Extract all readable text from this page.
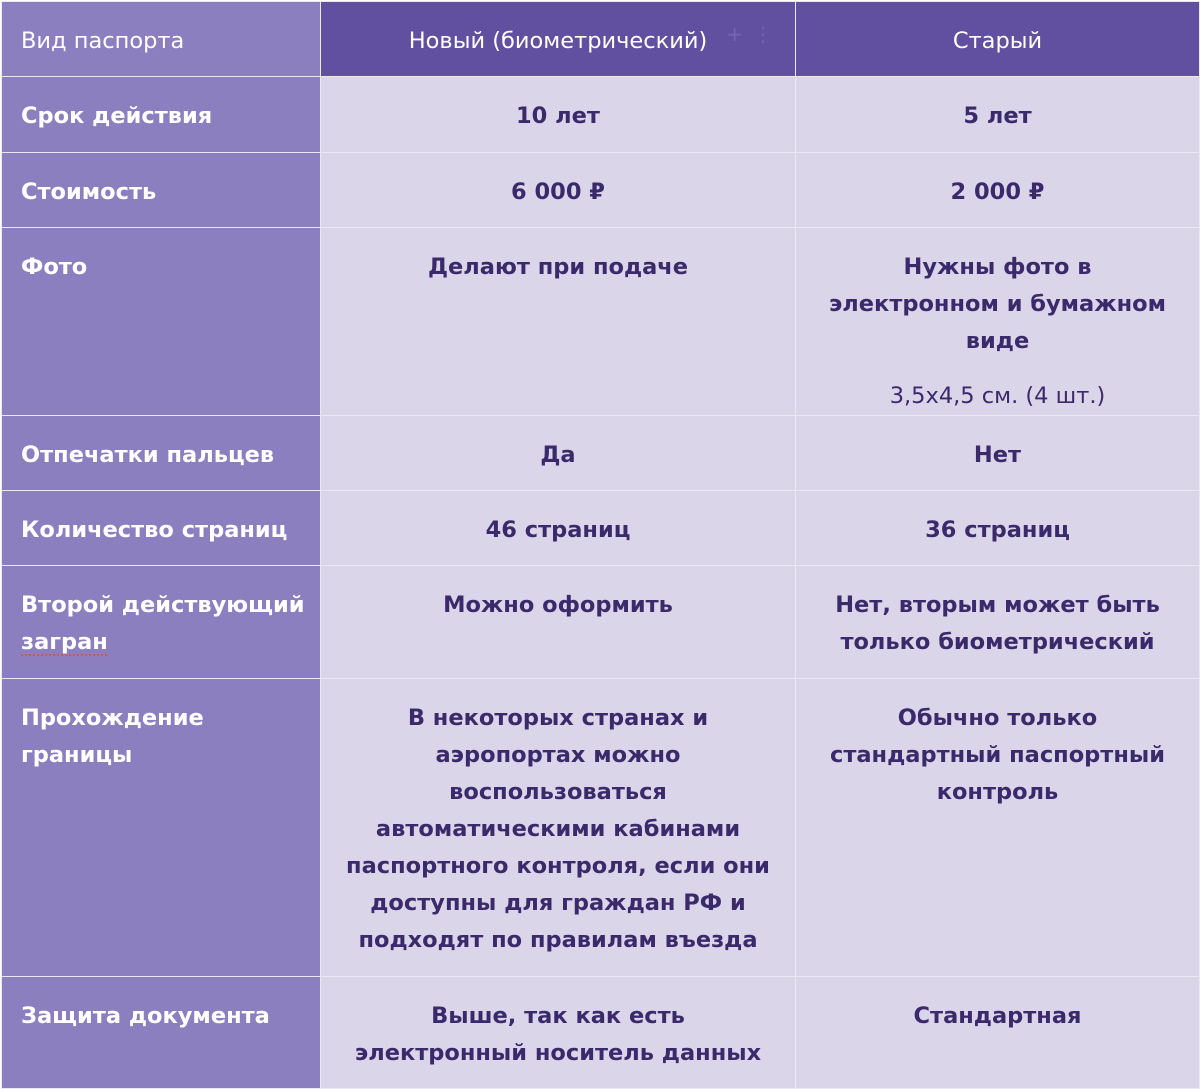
Вид паспорта	Новый (биометрический) +⋮	Старый
Срок действия	10 лет	5 лет
Стоимость	6 000 ₽	2 000 ₽
Фото	Делают при подаче	Нужны фото в электронном и бумажном виде
3,5х4,5 см. (4 шт.)

Отпечатки пальцев	Да	Нет
Количество страниц	46 страниц	36 страниц
Второй действующий загран	Можно оформить	Нет, вторым может быть только биометрический
Прохождение границы	В некоторых странах и аэропортах можно воспользоваться автоматическими кабинами паспортного контроля, если они доступны для граждан РФ и подходят по правилам въезда	Обычно только стандартный паспортный контроль
Защита документа	Выше, так как есть электронный носитель данных	Стандартная
